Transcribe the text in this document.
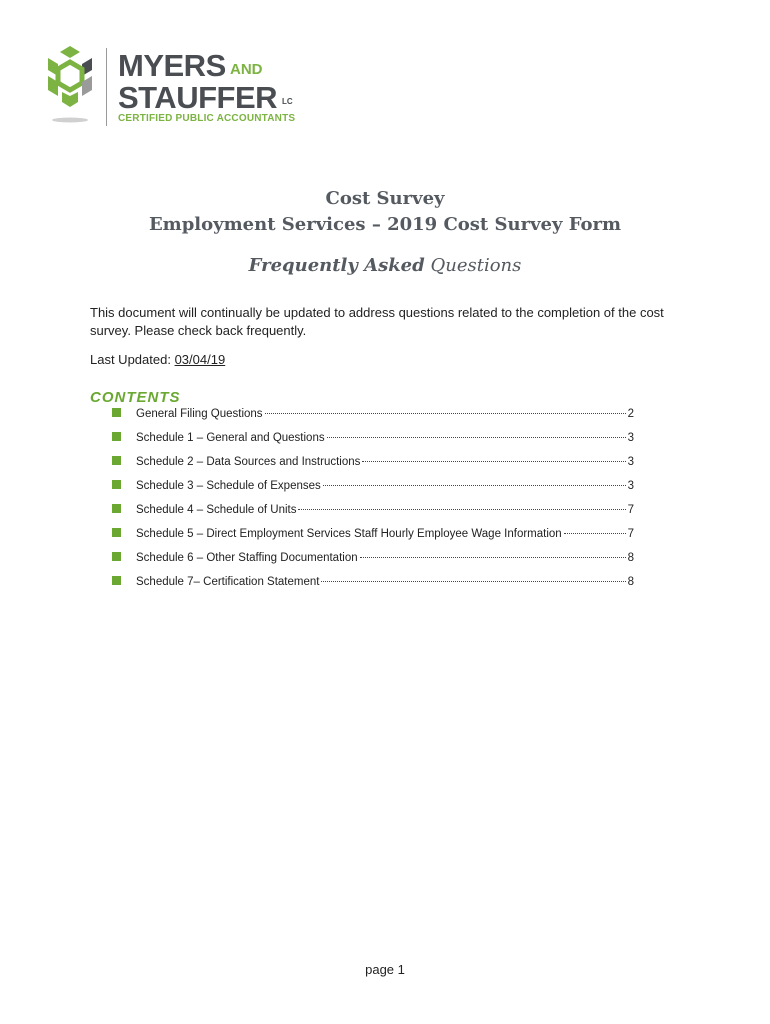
MYERS AND
STAUFFER LC
CERTIFIED PUBLIC ACCOUNTANTS
Cost Survey
Employment Services – 2019 Cost Survey Form
Frequently Asked Questions

This document will continually be updated to address questions related to the completion of the cost survey. Please check back frequently.

Last Updated: 03/04/19
CONTENTS
General Filing Questions	2
Schedule 1 – General and Questions	3
Schedule 2 – Data Sources and Instructions	3
Schedule 3 – Schedule of Expenses	3
Schedule 4 – Schedule of Units	7
Schedule 5 – Direct Employment Services Staff Hourly Employee Wage Information	7
Schedule 6 – Other Staffing Documentation	8
Schedule 7– Certification Statement	8
page 1
